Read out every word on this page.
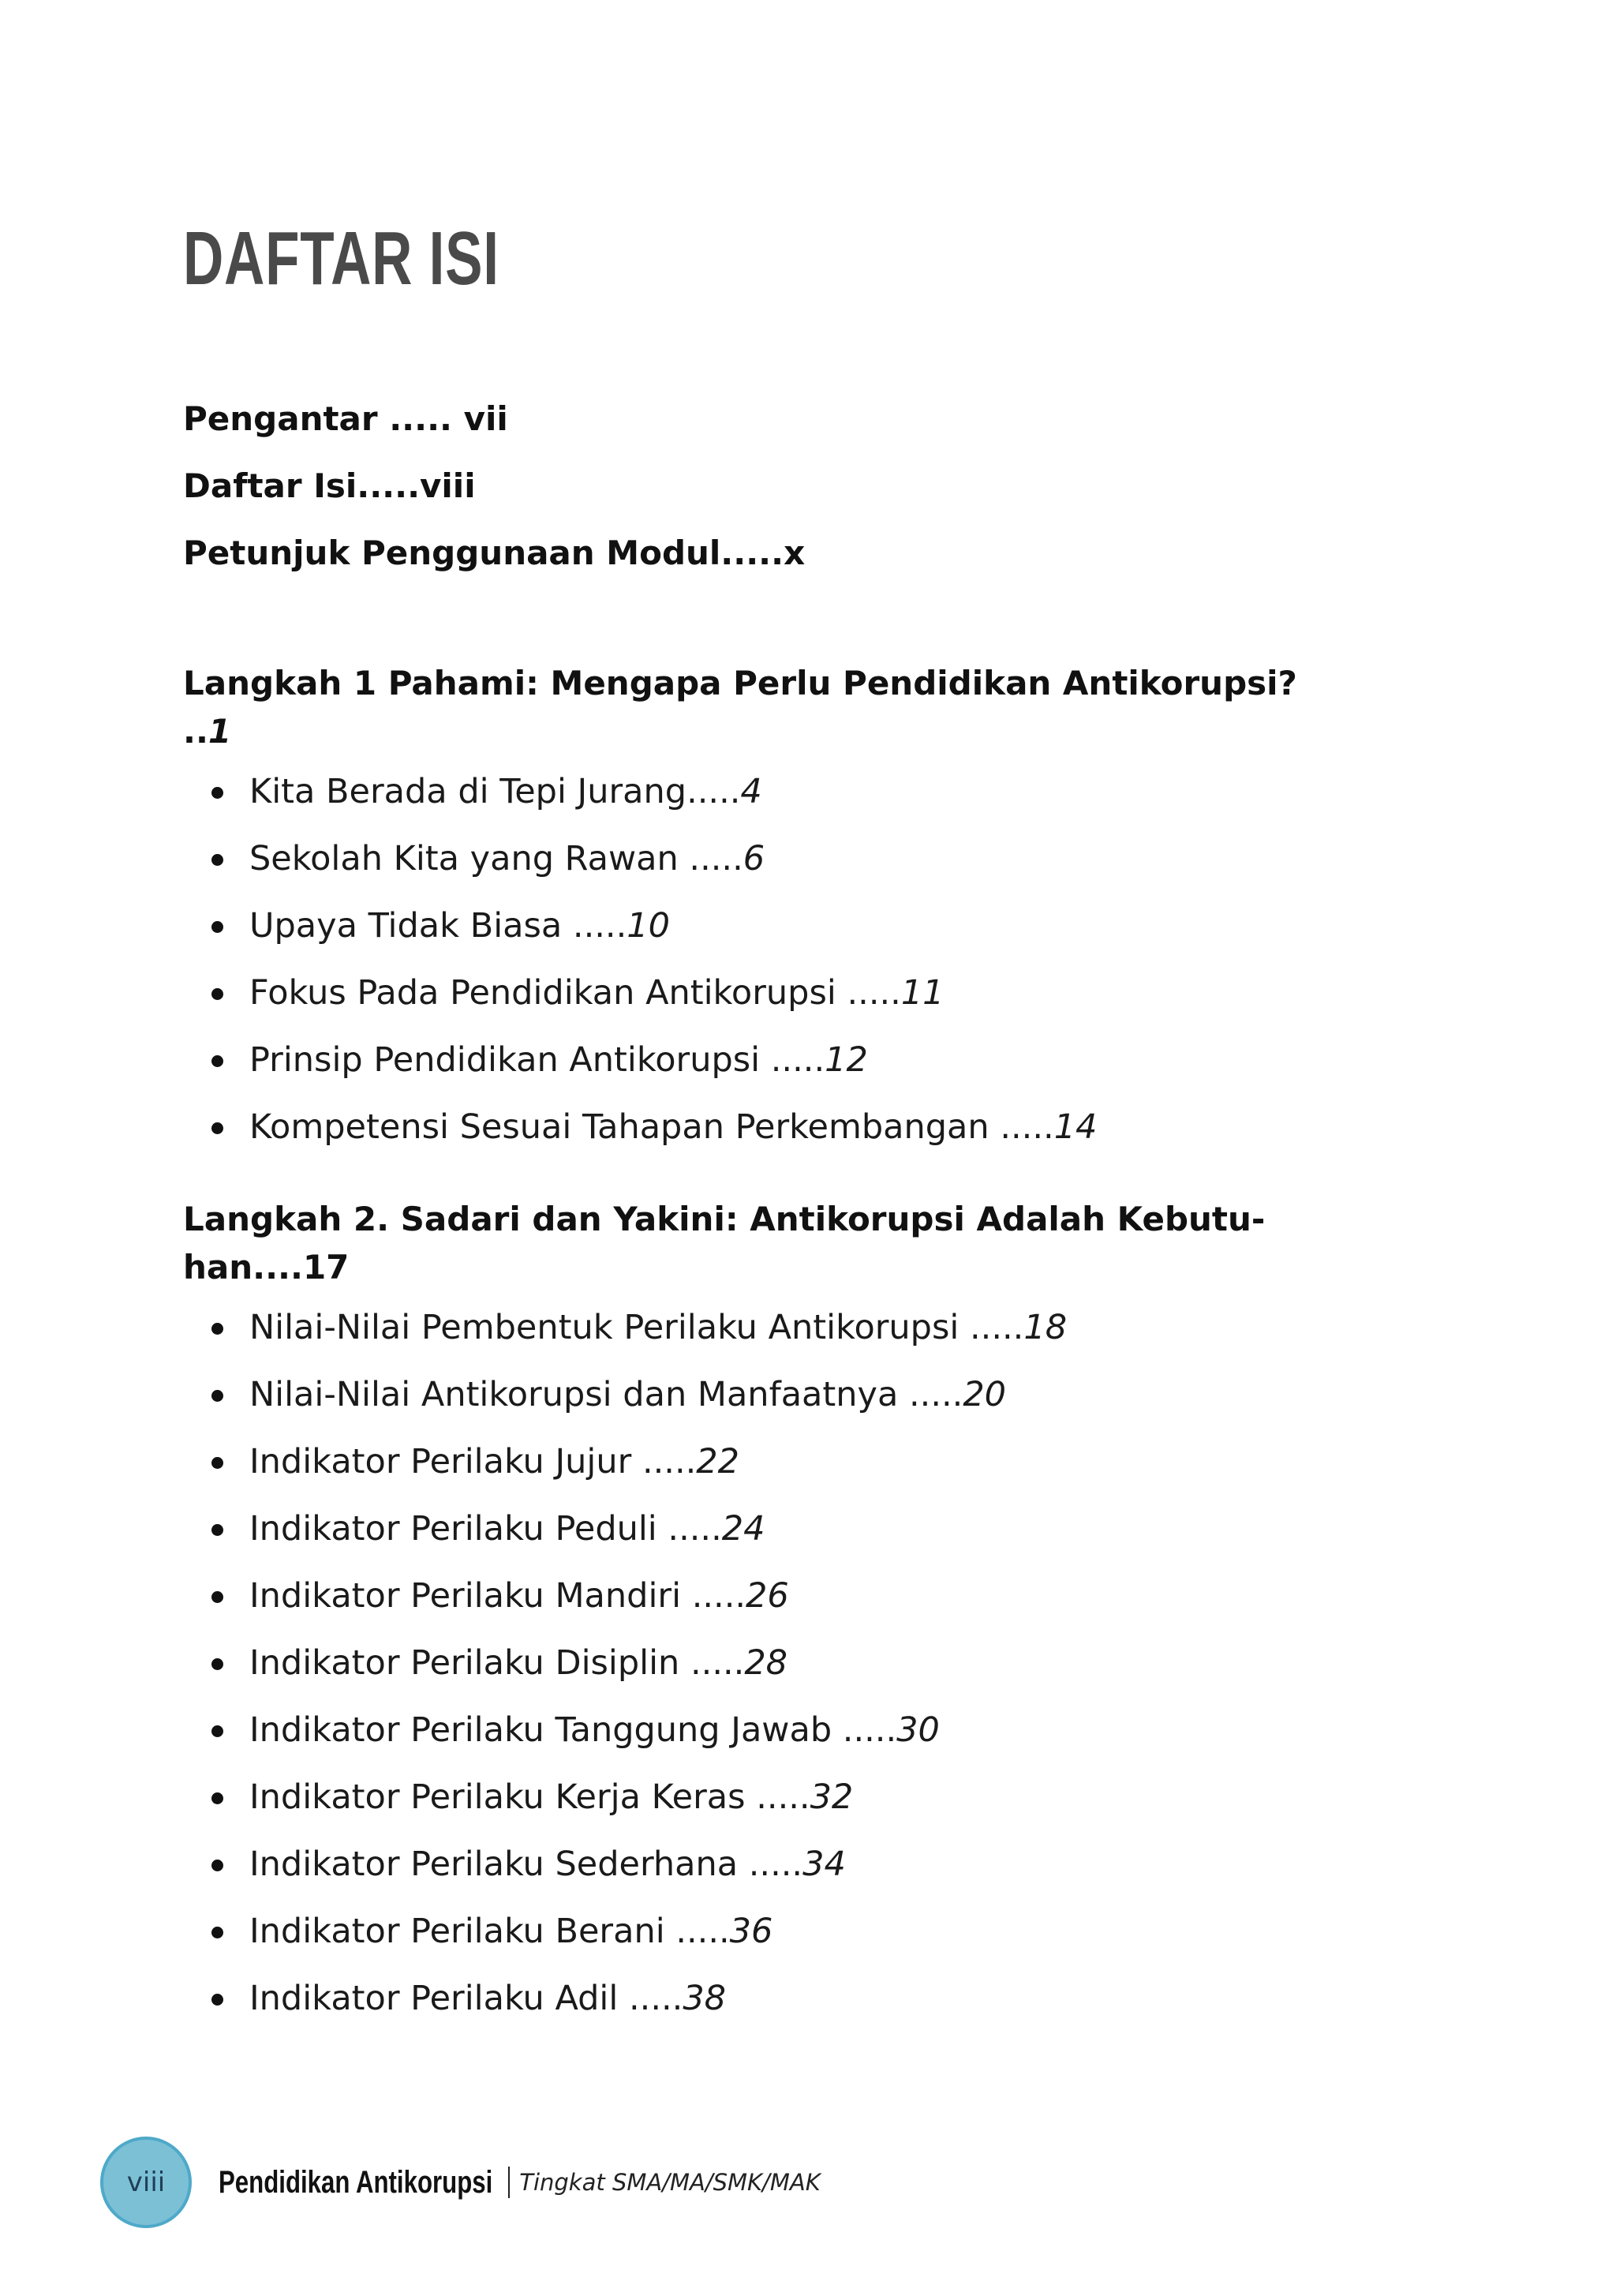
DAFTAR ISI
Pengantar ..... vii
Daftar Isi.....viii
Petunjuk Penggunaan Modul.....x

Langkah 1 Pahami: Mengapa Perlu Pendidikan Antikorupsi? ..1

Kita Berada di Tepi Jurang.....4
Sekolah Kita yang Rawan .....6
Upaya Tidak Biasa .....10
Fokus Pada Pendidikan Antikorupsi .....11
Prinsip Pendidikan Antikorupsi .....12
Kompetensi Sesuai Tahapan Perkembangan .....14

Langkah 2. Sadari dan Yakini: Antikorupsi Adalah Kebutu-
han....17

Nilai-Nilai Pembentuk Perilaku Antikorupsi .....18
Nilai-Nilai Antikorupsi dan Manfaatnya .....20
Indikator Perilaku Jujur .....22
Indikator Perilaku Peduli .....24
Indikator Perilaku Mandiri .....26
Indikator Perilaku Disiplin .....28
Indikator Perilaku Tanggung Jawab .....30
Indikator Perilaku Kerja Keras .....32
Indikator Perilaku Sederhana .....34
Indikator Perilaku Berani .....36
Indikator Perilaku Adil .....38
viii	Pendidikan Antikorupsi Tingkat SMA/MA/SMK/MAK
